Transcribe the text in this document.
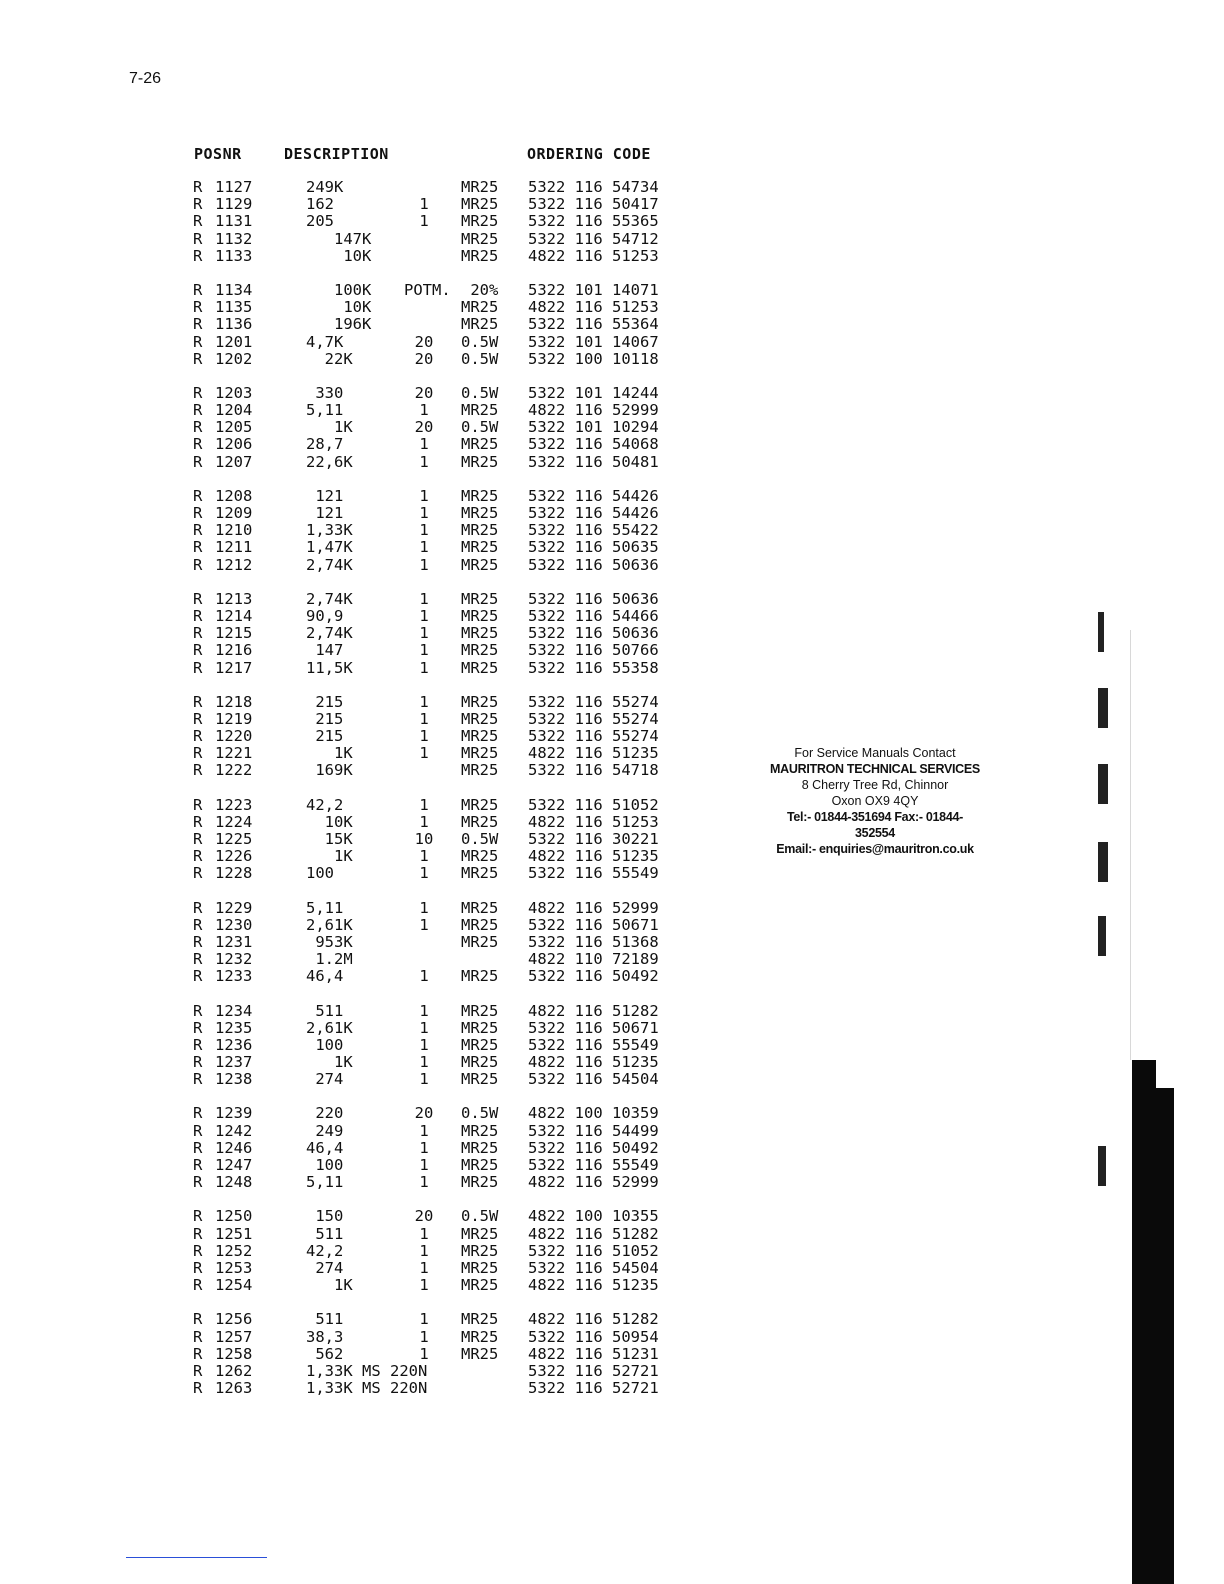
7-26
POSNR	DESCRIPTION	ORDERING CODE
R 1127	249K	MR25 5322 116 54734
R 1129	162	1	MR25 5322 116 50417
R 1131	205	1	MR25 5322 116 55365
R 1132	147K	MR25 5322 116 54712
R 1133	10K	MR25 4822 116 51253
R 1134	100K POTM. 20% 5322 101 14071
R 1135	10K	MR25 4822 116 51253
R 1136	196K	MR25 5322 116 55364
R 1201	4,7K	20	0.5W 5322 101 14067
R 1202	22K	20	0.5W 5322 100 10118
R 1203	330	20	0.5W 5322 101 14244
R 1204	5,11	1	MR25 4822 116 52999
R 1205	1K	20	0.5W 5322 101 10294
R 1206	28,7	1	MR25 5322 116 54068
R 1207	22,6K	1	MR25 5322 116 50481
R 1208	121	1	MR25 5322 116 54426
R 1209	121	1	MR25 5322 116 54426
R 1210	1,33K	1	MR25 5322 116 55422
R 1211	1,47K	1	MR25 5322 116 50635
R 1212	2,74K	1	MR25 5322 116 50636
R 1213	2,74K	1	MR25 5322 116 50636
R 1214	90,9	1	MR25 5322 116 54466
R 1215	2,74K	1	MR25 5322 116 50636
R 1216	147	1	MR25 5322 116 50766
R 1217	11,5K	1	MR25 5322 116 55358
R 1218	215	1	MR25 5322 116 55274
R 1219	215	1	MR25 5322 116 55274
R 1220	215	1	MR25 5322 116 55274
R 1221	1K	1	MR25 4822 116 51235
R 1222	169K	MR25 5322 116 54718
R 1223	42,2	1	MR25 5322 116 51052
R 1224	10K	1	MR25 4822 116 51253
R 1225	15K	10	0.5W 5322 116 30221
R 1226	1K	1	MR25 4822 116 51235
R 1228	100	1	MR25 5322 116 55549
R 1229	5,11	1	MR25 4822 116 52999
R 1230	2,61K	1	MR25 5322 116 50671
R 1231	953K	MR25 5322 116 51368
R 1232	1.2M	4822 110 72189
R 1233	46,4	1	MR25 5322 116 50492
R 1234	511	1	MR25 4822 116 51282
R 1235	2,61K	1	MR25 5322 116 50671
R 1236	100	1	MR25 5322 116 55549
R 1237	1K	1	MR25 4822 116 51235
R 1238	274	1	MR25 5322 116 54504
R 1239	220	20	0.5W 4822 100 10359
R 1242	249	1	MR25 5322 116 54499
R 1246	46,4	1	MR25 5322 116 50492
R 1247	100	1	MR25 5322 116 55549
R 1248	5,11	1	MR25 4822 116 52999
R 1250	150	20	0.5W 4822 100 10355
R 1251	511	1	MR25 4822 116 51282
R 1252	42,2	1	MR25 5322 116 51052
R 1253	274	1	MR25 5322 116 54504
R 1254	1K	1	MR25 4822 116 51235
R 1256	511	1	MR25 4822 116 51282
R 1257	38,3	1	MR25 5322 116 50954
R 1258	562	1	MR25 4822 116 51231
R 1262	1,33K MS 220N	5322 116 52721
R 1263	1,33K MS 220N	5322 116 52721
For Service Manuals Contact
MAURITRON TECHNICAL SERVICES
8 Cherry Tree Rd, Chinnor
Oxon OX9 4QY
Tel:- 01844-351694 Fax:- 01844-352554
Email:- enquiries@mauritron.co.uk
